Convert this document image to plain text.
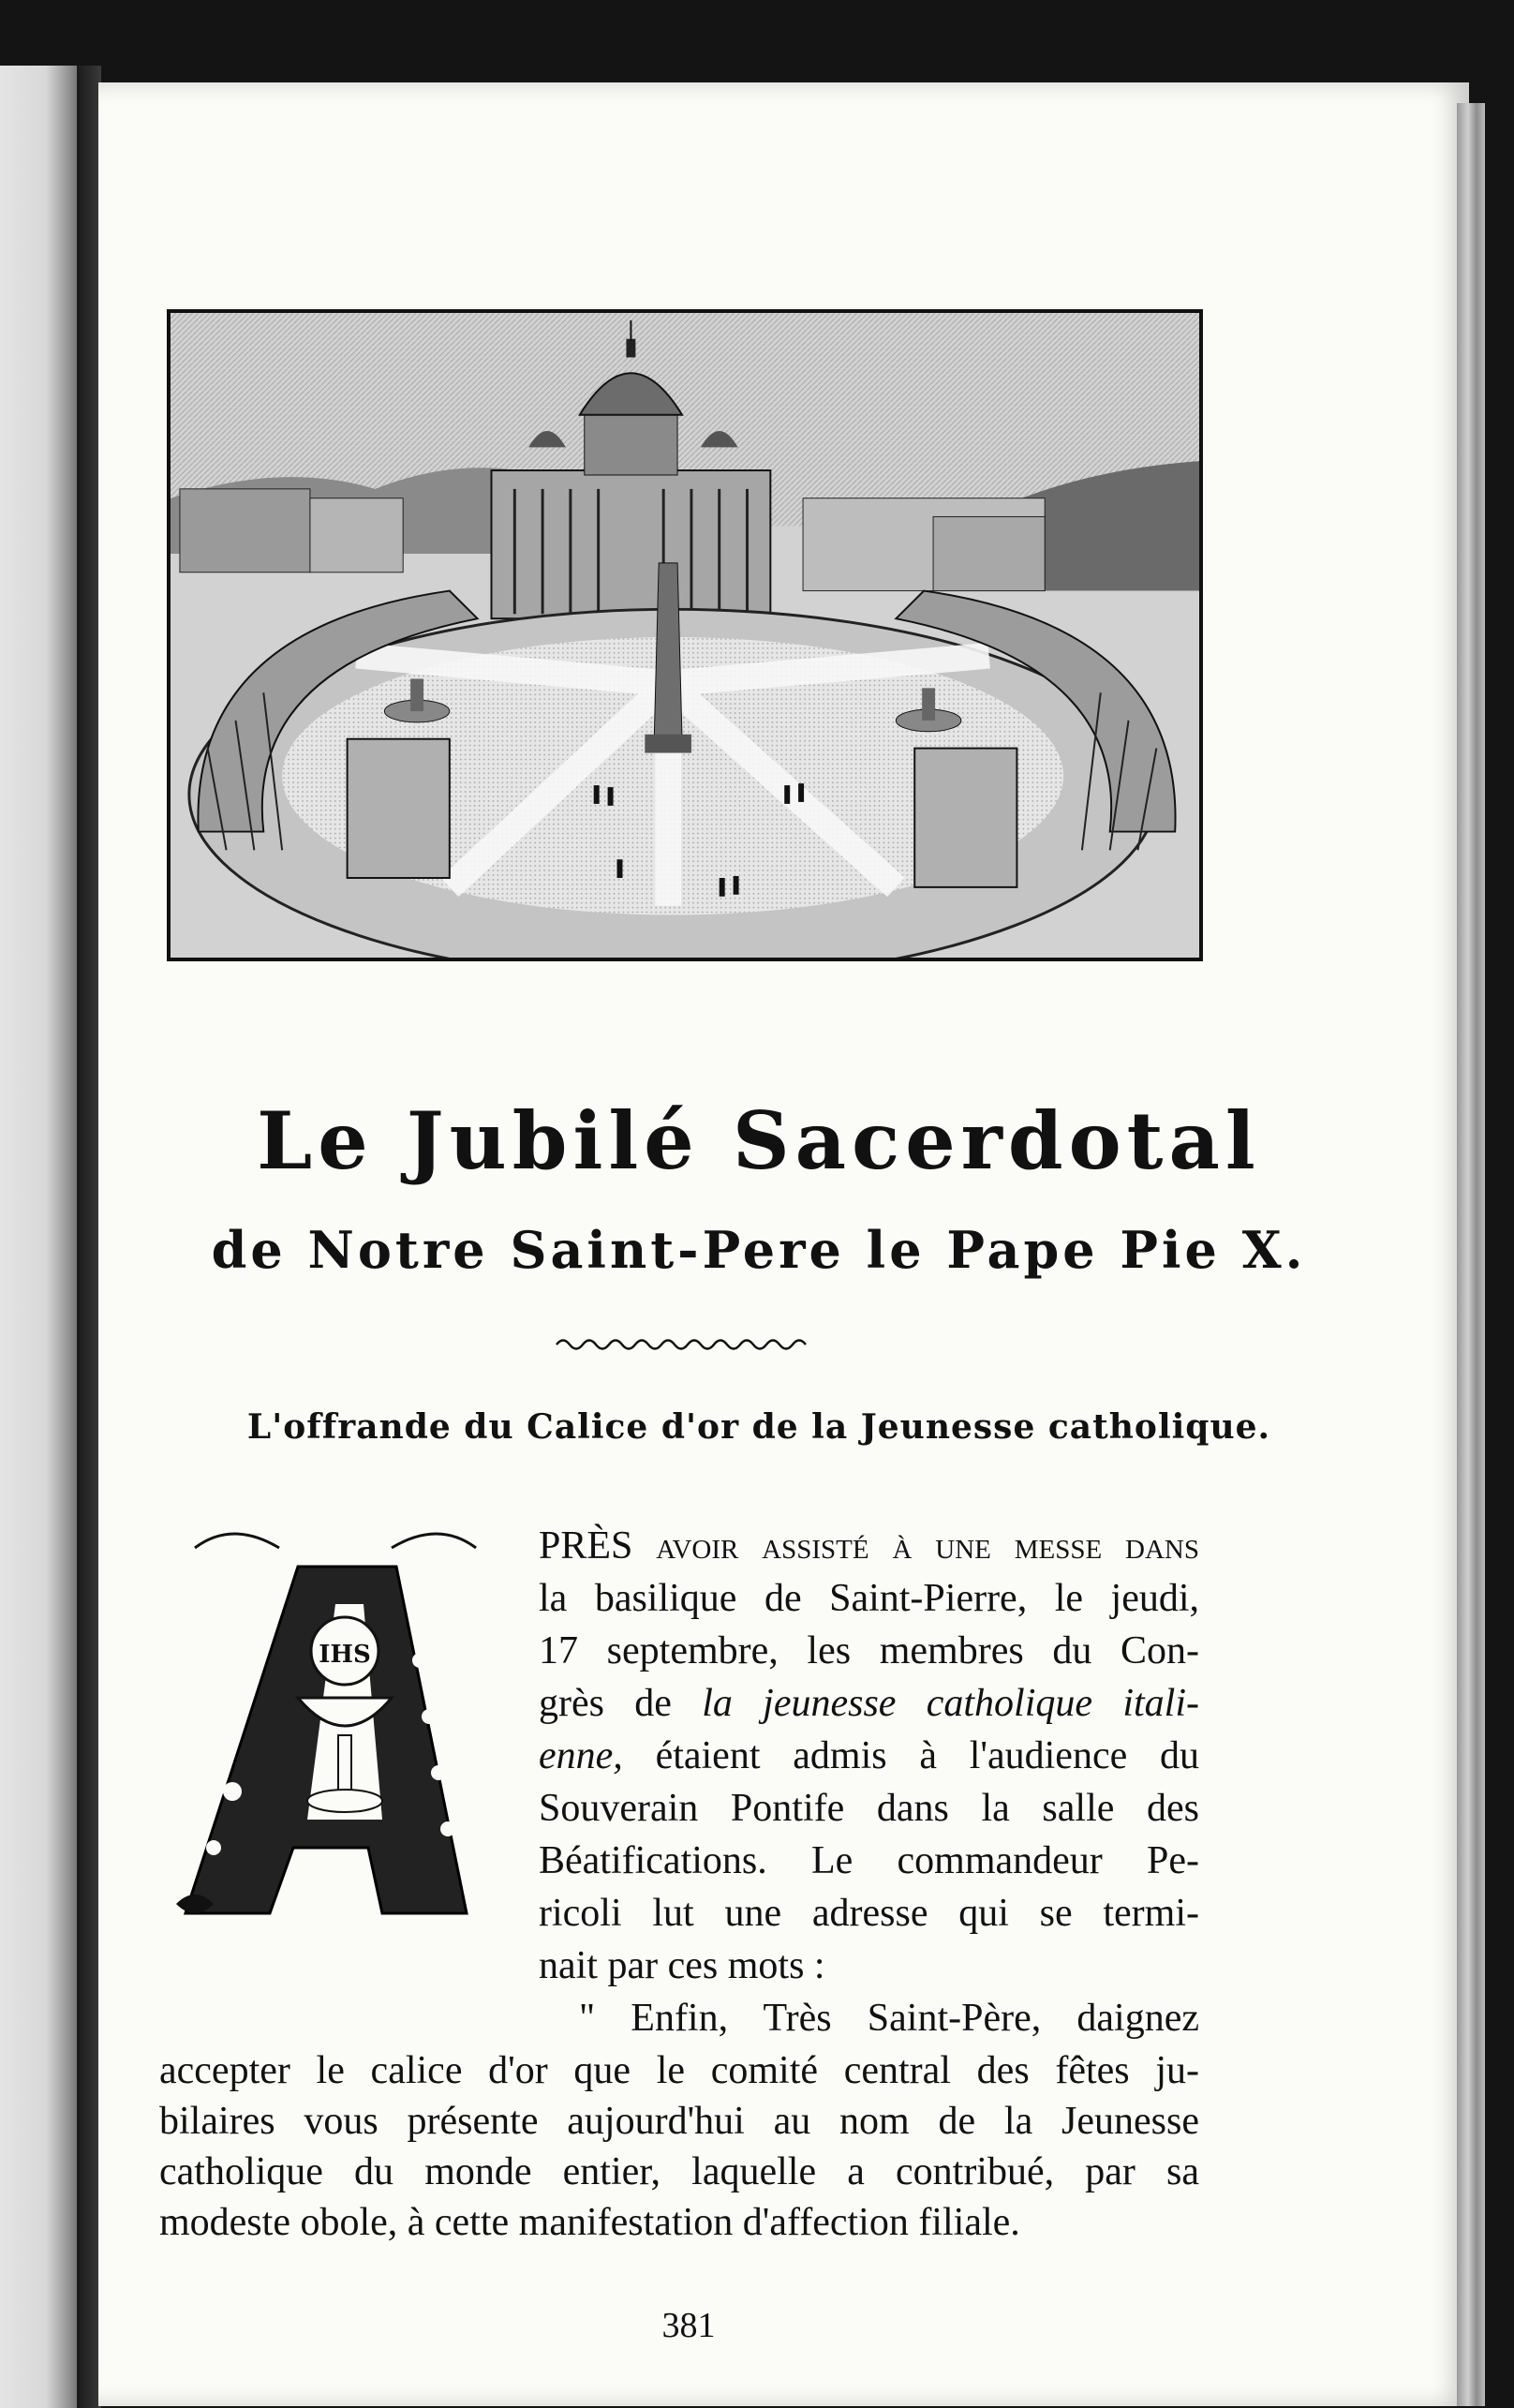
Le Jubilé Sacerdotal
de Notre Saint-Pere le Pape Pie X.
L'offrande du Calice d'or de la Jeunesse catholique.
IHS
PRÈS avoir assisté à une messe dans
la basilique de Saint-Pierre, le jeudi,
17 septembre, les membres du Con-
grès de la jeunesse catholique itali-
enne, étaient admis à l'audience du
Souverain Pontife dans la salle des
Béatifications. Le commandeur Pe-
ricoli lut une adresse qui se termi-
nait par ces mots :
" Enfin, Très Saint-Père, daignez
accepter le calice d'or que le comité central des fêtes ju-
bilaires vous présente aujourd'hui au nom de la Jeunesse
catholique du monde entier, laquelle a contribué, par sa
modeste obole, à cette manifestation d'affection filiale.
381
